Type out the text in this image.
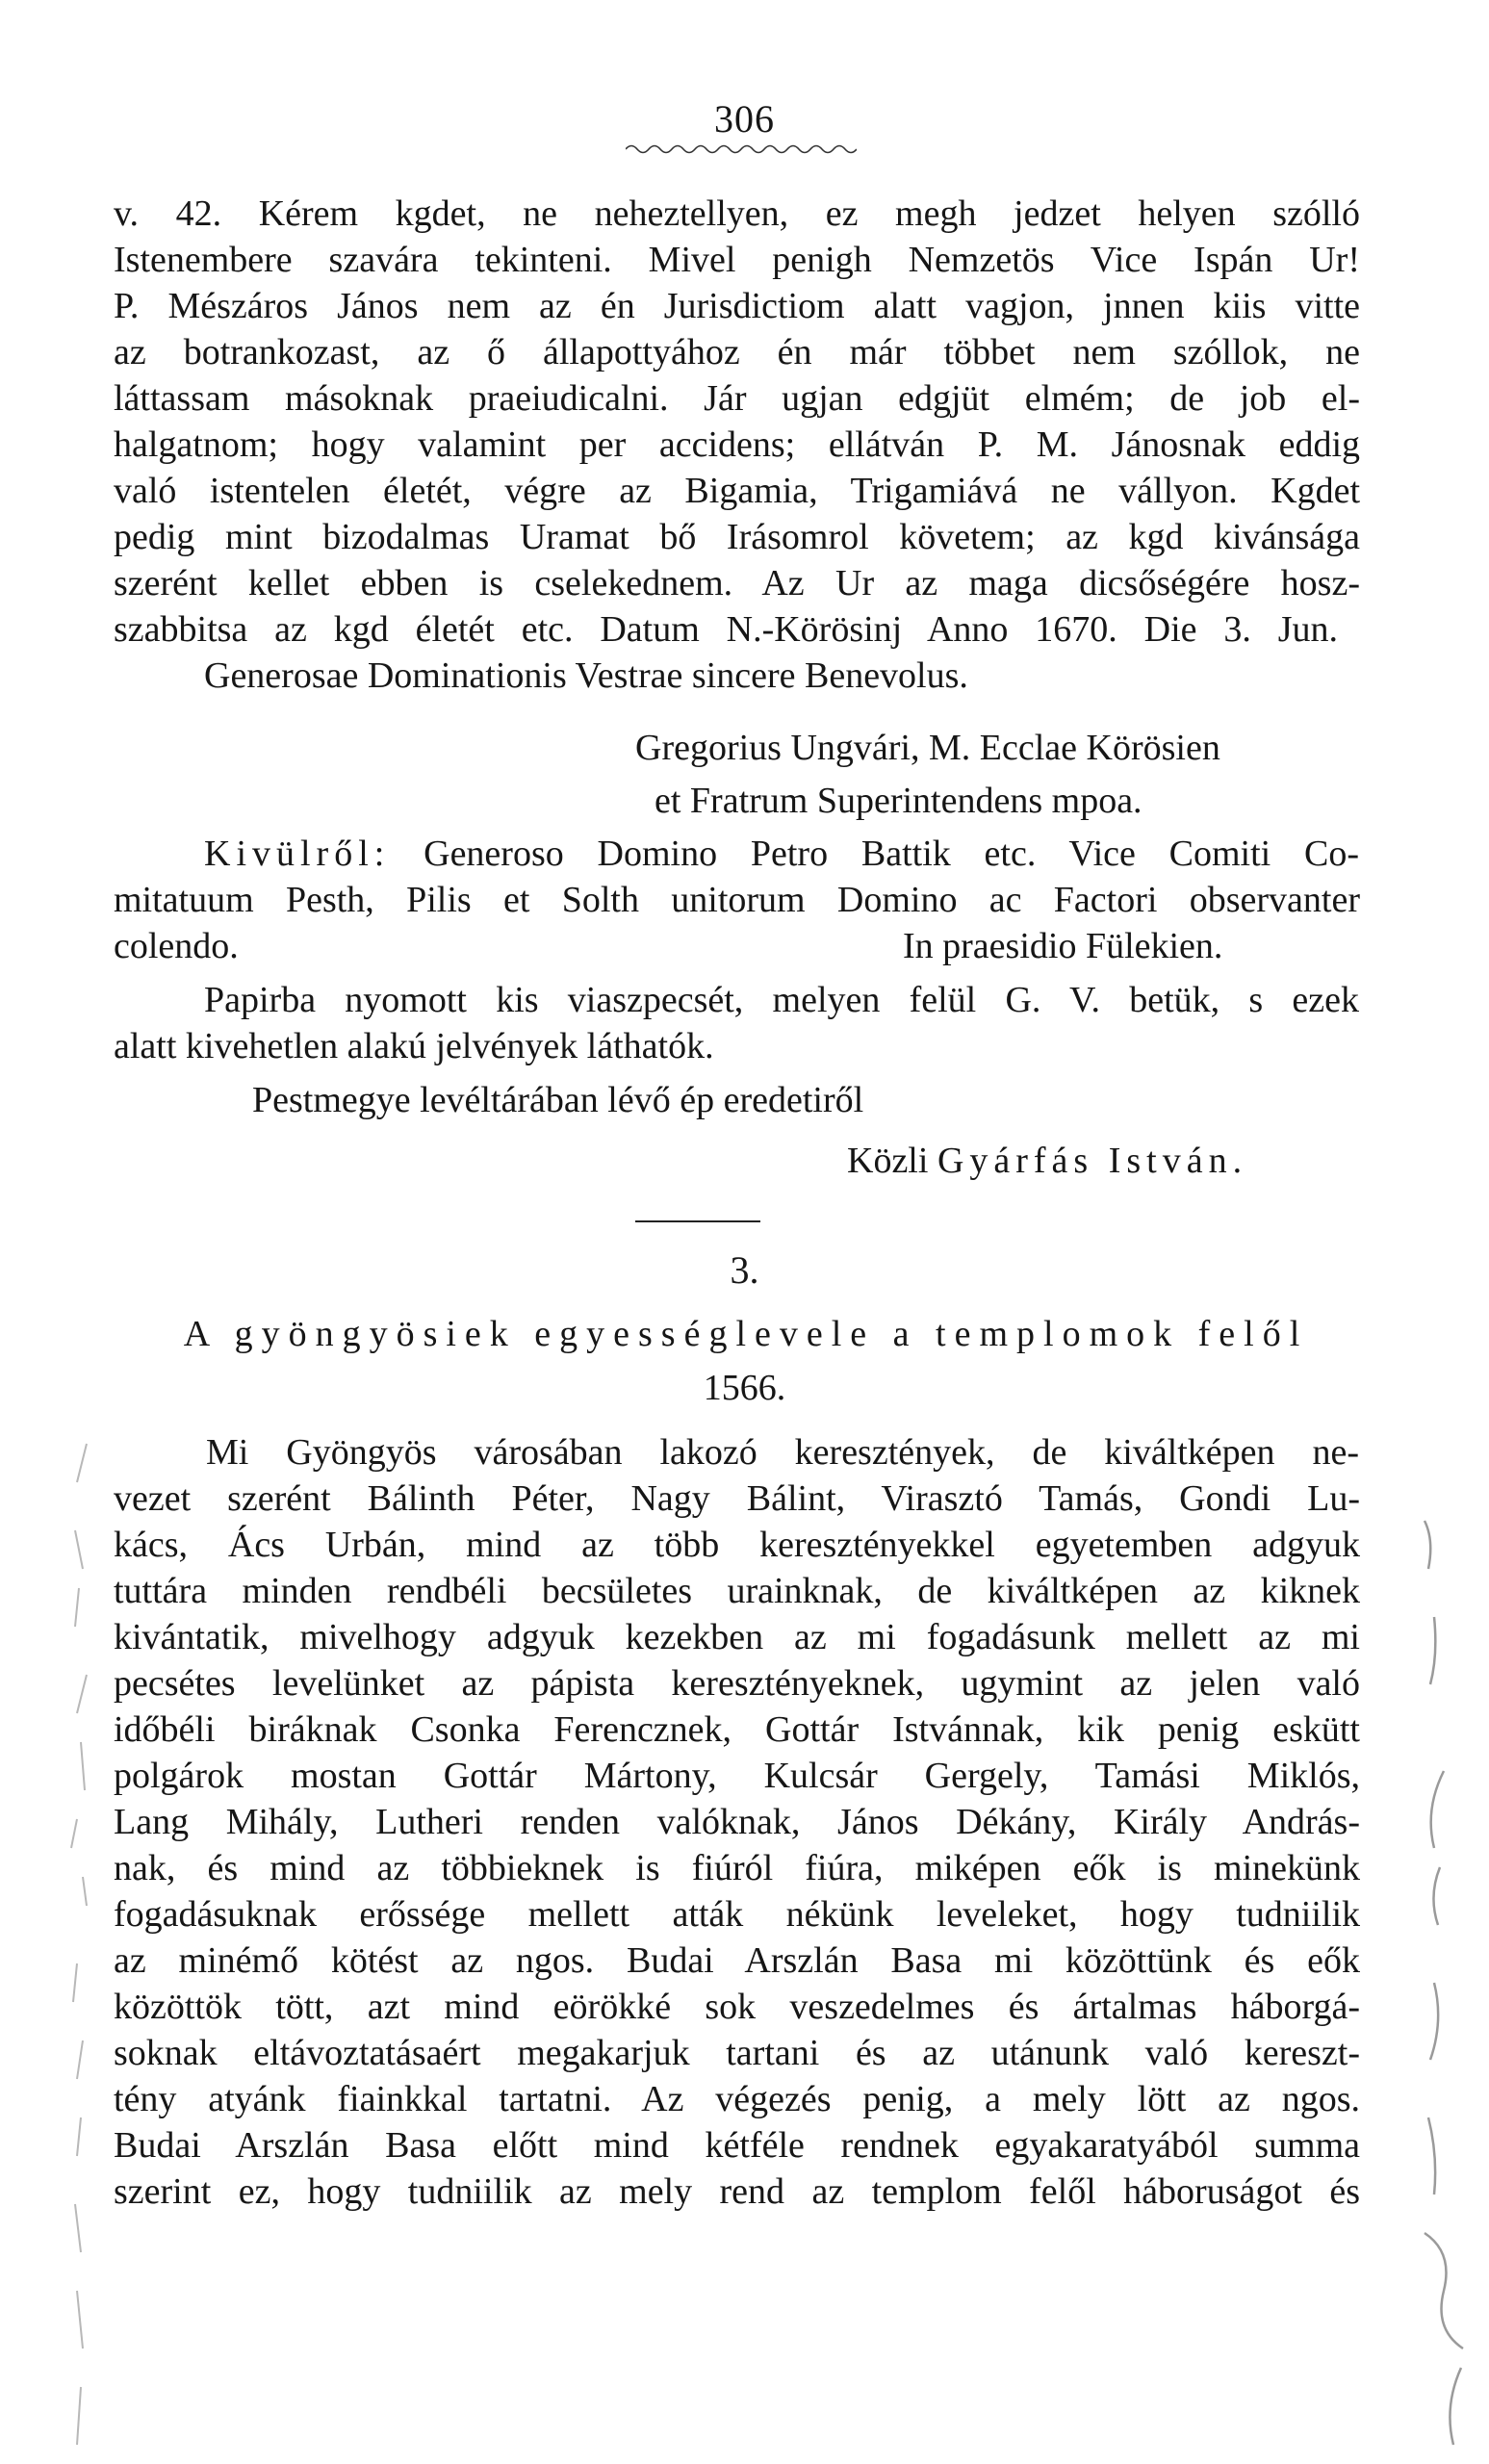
306
v. 42. Kérem kgdet, ne neheztellyen, ez megh jedzet helyen szólló
Istenembere szavára tekinteni. Mivel penigh Nemzetös Vice Ispán Ur!
P. Mészáros János nem az én Jurisdictiom alatt vagjon, jnnen kiis vitte
az botrankozast, az ő állapottyához én már többet nem szóllok, ne
láttassam másoknak praeiudicalni. Jár ugjan edgjüt elmém; de job el-
halgatnom; hogy valamint per accidens; ellátván P. M. Jánosnak eddig
való istentelen életét, végre az Bigamia, Trigamiává ne vállyon. Kgdet
pedig mint bizodalmas Uramat bő Irásomrol követem; az kgd kivánsága
szerént kellet ebben is cselekednem. Az Ur az maga dicsőségére hosz-
szabbitsa az kgd életét etc. Datum N.-Körösinj Anno 1670. Die 3. Jun.
Generosae Dominationis Vestrae sincere Benevolus.
Gregorius Ungvári, M. Ecclae Körösien
et Fratrum Superintendens mpoa.
Kivülről: Generoso Domino Petro Battik etc. Vice Comiti Co-
mitatuum Pesth, Pilis et Solth unitorum Domino ac Factori observanter
colendo.	In praesidio Fülekien.
Papirba nyomott kis viaszpecsét, melyen felül G. V. betük, s ezek
alatt kivehetlen alakú jelvények láthatók.
Pestmegye levéltárában lévő ép eredetiről
Közli Gyárfás István.
3.
A gyöngyösiek egyességlevele a templomok felől
1566.
Mi Gyöngyös városában lakozó keresztények, de kiváltképen ne-
vezet szerént Bálinth Péter, Nagy Bálint, Virasztó Tamás, Gondi Lu-
kács, Ács Urbán, mind az több keresztényekkel egyetemben adgyuk
tuttára minden rendbéli becsületes urainknak, de kiváltképen az kiknek
kivántatik, mivelhogy adgyuk kezekben az mi fogadásunk mellett az mi
pecsétes levelünket az pápista keresztényeknek, ugymint az jelen való
időbéli biráknak Csonka Ferencznek, Gottár Istvánnak, kik penig eskütt
polgárok mostan Gottár Mártony, Kulcsár Gergely, Tamási Miklós,
Lang Mihály, Lutheri renden valóknak, János Dékány, Király András-
nak, és mind az többieknek is fiúról fiúra, miképen eők is minekünk
fogadásuknak erőssége mellett atták nékünk leveleket, hogy tudniilik
az minémő kötést az ngos. Budai Arszlán Basa mi közöttünk és eők
közöttök tött, azt mind eörökké sok veszedelmes és ártalmas háborgá-
soknak eltávoztatásaért megakarjuk tartani és az utánunk való kereszt-
tény atyánk fiainkkal tartatni. Az végezés penig, a mely lött az ngos.
Budai Arszlán Basa előtt mind kétféle rendnek egyakaratyából summa
szerint ez, hogy tudniilik az mely rend az templom felől háboruságot és
